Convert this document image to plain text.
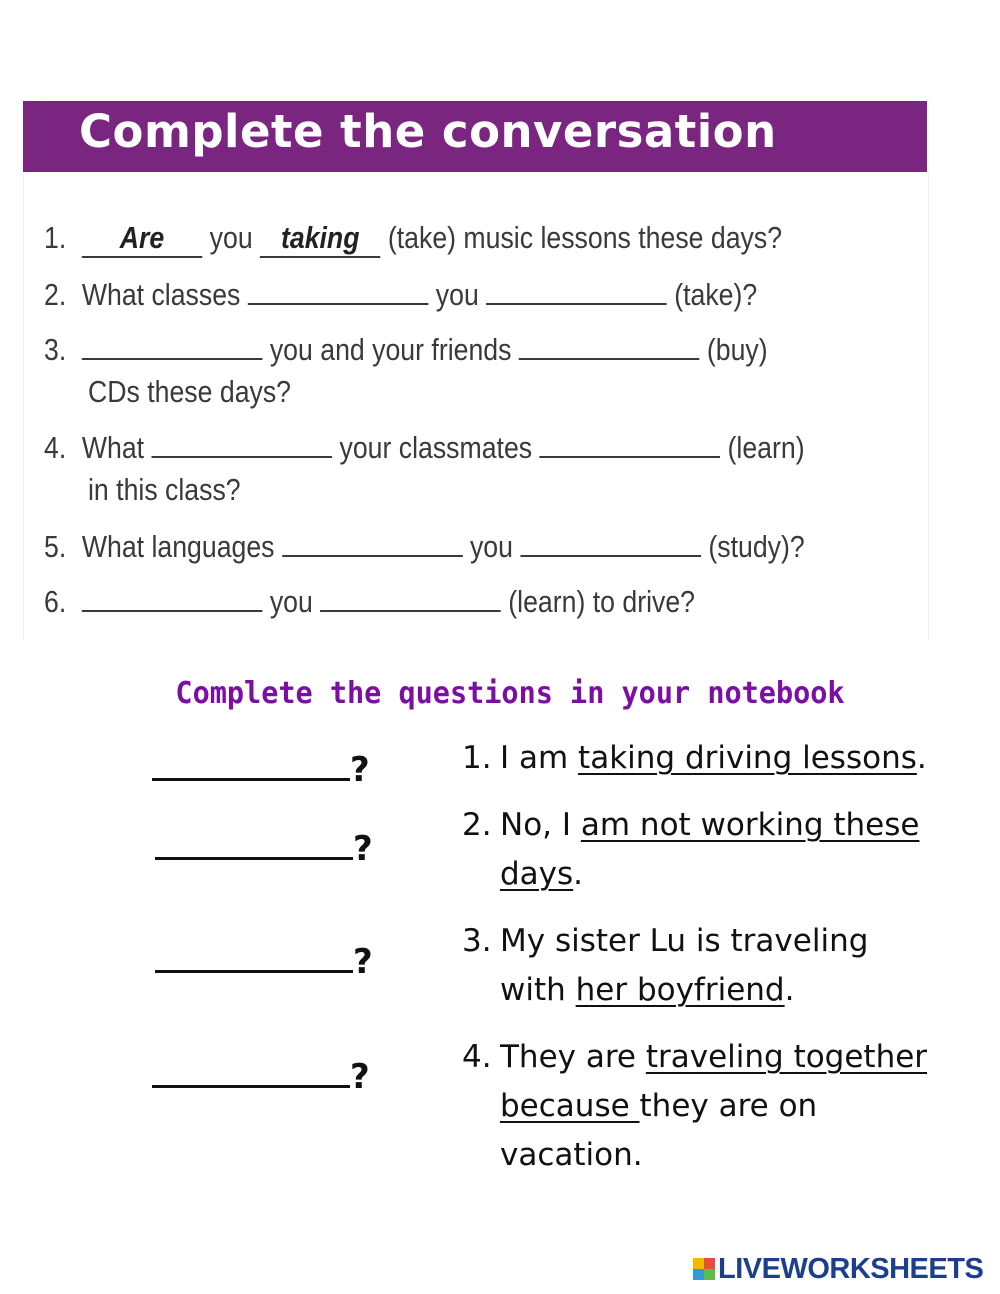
Complete the conversation
1. Are you taking (take) music lessons these days?
2. What classes	you	(take)?
3.	you and your friends	(buy)
CDs these days?
4. What	your classmates	(learn)
in this class?
5. What languages	you	(study)?
6.	you	(learn) to drive?
Complete the questions in your notebook
?
?
?
?
1. I am taking driving lessons.
2. No, I am not working these
days.
3. My sister Lu is traveling
with her boyfriend.
4. They are traveling together
because they are on
vacation.
LIVEWORKSHEETS
